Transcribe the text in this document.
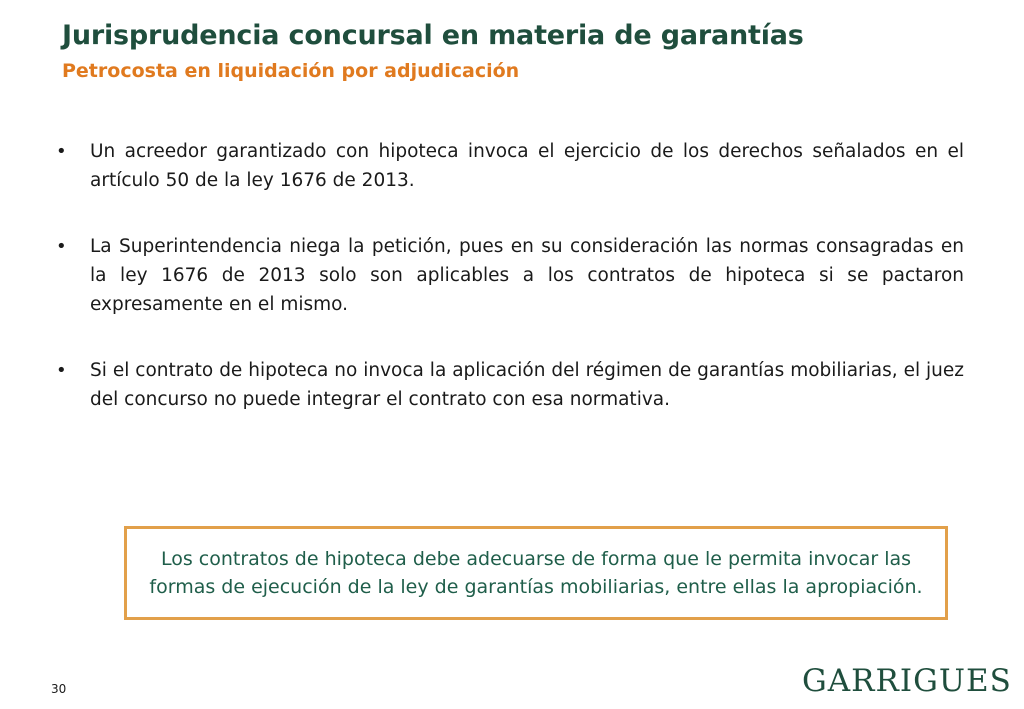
Jurisprudencia concursal en materia de garantías
Petrocosta en liquidación por adjudicación
• Un acreedor garantizado con hipoteca invoca el ejercicio de los derechos señalados en el artículo 50 de la ley 1676 de 2013.
• La Superintendencia niega la petición, pues en su consideración las normas consagradas en la ley 1676 de 2013 solo son aplicables a los contratos de hipoteca si se pactaron expresamente en el mismo.
• Si el contrato de hipoteca no invoca la aplicación del régimen de garantías mobiliarias, el juez del concurso no puede integrar el contrato con esa normativa.
Los contratos de hipoteca debe adecuarse de forma que le permita invocar las formas de ejecución de la ley de garantías mobiliarias, entre ellas la apropiación.
30	GARRIGUES
